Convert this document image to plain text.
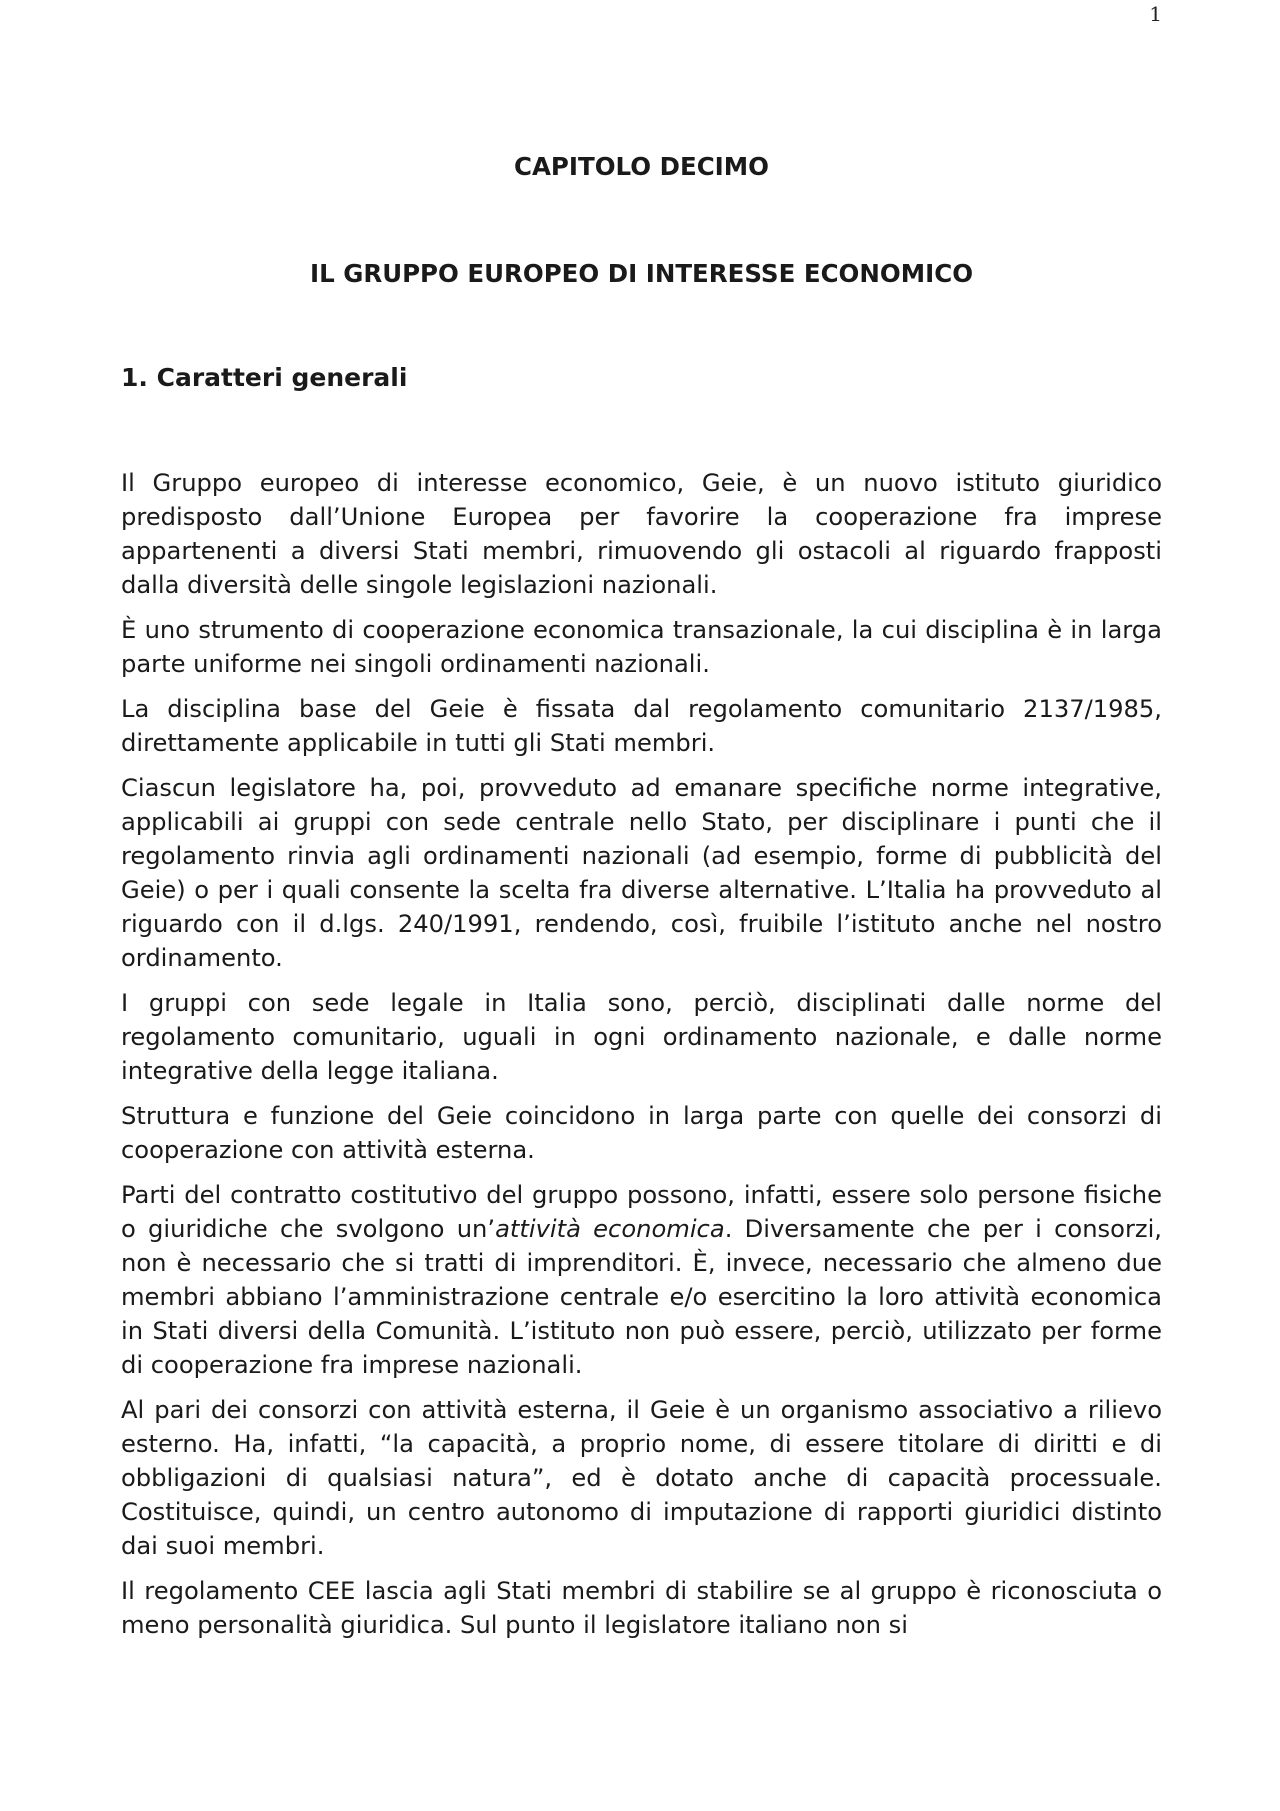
1
CAPITOLO DECIMO
IL GRUPPO EUROPEO DI INTERESSE ECONOMICO
1. Caratteri generali

Il Gruppo europeo di interesse economico, Geie, è un nuovo istituto giuridico predisposto dall’Unione Europea per favorire la cooperazione fra imprese appartenenti a diversi Stati membri, rimuovendo gli ostacoli al riguardo frapposti dalla diversità delle singole legislazioni nazionali.

È uno strumento di cooperazione economica transazionale, la cui disciplina è in larga parte uniforme nei singoli ordinamenti nazionali.

La disciplina base del Geie è fissata dal regolamento comunitario 2137/1985, direttamente applicabile in tutti gli Stati membri.

Ciascun legislatore ha, poi, provveduto ad emanare specifiche norme integrative, applicabili ai gruppi con sede centrale nello Stato, per disciplinare i punti che il regolamento rinvia agli ordinamenti nazionali (ad esempio, forme di pubblicità del Geie) o per i quali consente la scelta fra diverse alternative. L’Italia ha provveduto al riguardo con il d.lgs. 240/1991, rendendo, così, fruibile l’istituto anche nel nostro ordinamento.

I gruppi con sede legale in Italia sono, perciò, disciplinati dalle norme del regolamento comunitario, uguali in ogni ordinamento nazionale, e dalle norme integrative della legge italiana.

Struttura e funzione del Geie coincidono in larga parte con quelle dei consorzi di cooperazione con attività esterna.

Parti del contratto costitutivo del gruppo possono, infatti, essere solo persone fisiche o giuridiche che svolgono un’attività economica. Diversamente che per i consorzi, non è necessario che si tratti di imprenditori. È, invece, necessario che almeno due membri abbiano l’amministrazione centrale e/o esercitino la loro attività economica in Stati diversi della Comunità. L’istituto non può essere, perciò, utilizzato per forme di cooperazione fra imprese nazionali.

Al pari dei consorzi con attività esterna, il Geie è un organismo associativo a rilievo esterno. Ha, infatti, “la capacità, a proprio nome, di essere titolare di diritti e di obbligazioni di qualsiasi natura”, ed è dotato anche di capacità processuale. Costituisce, quindi, un centro autonomo di imputazione di rapporti giuridici distinto dai suoi membri.

Il regolamento CEE lascia agli Stati membri di stabilire se al gruppo è riconosciuta o meno personalità giuridica. Sul punto il legislatore italiano non si
